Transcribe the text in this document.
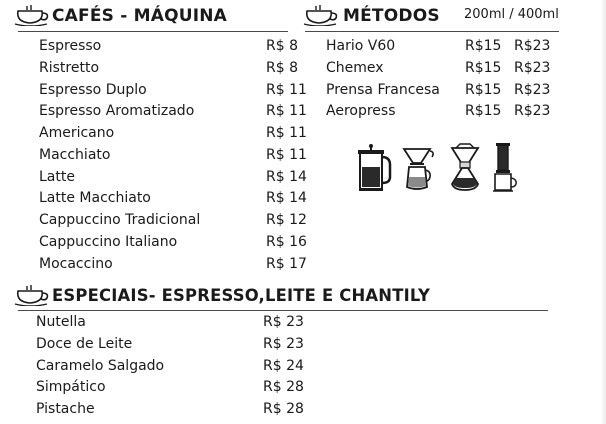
CAFÉS - MÁQUINA
Espresso	R$ 8
Ristretto	R$ 8
Espresso Duplo	R$ 11
Espresso Aromatizado	R$ 11
Americano	R$ 11
Macchiato	R$ 11
Latte	R$ 14
Latte Macchiato	R$ 14
Cappuccino Tradicional	R$ 12
Cappuccino Italiano	R$ 16
Mocaccino	R$ 17
MÉTODOS 200ml / 400ml
Hario V60	R$15 R$23
Chemex	R$15 R$23
Prensa Francesa R$15 R$23
Aeropress	R$15 R$23
ESPECIAIS- ESPRESSO,LEITE E CHANTILY
Nutella	R$ 23
Doce de Leite	R$ 23
Caramelo Salgado	R$ 24
Simpático	R$ 28
Pistache	R$ 28
